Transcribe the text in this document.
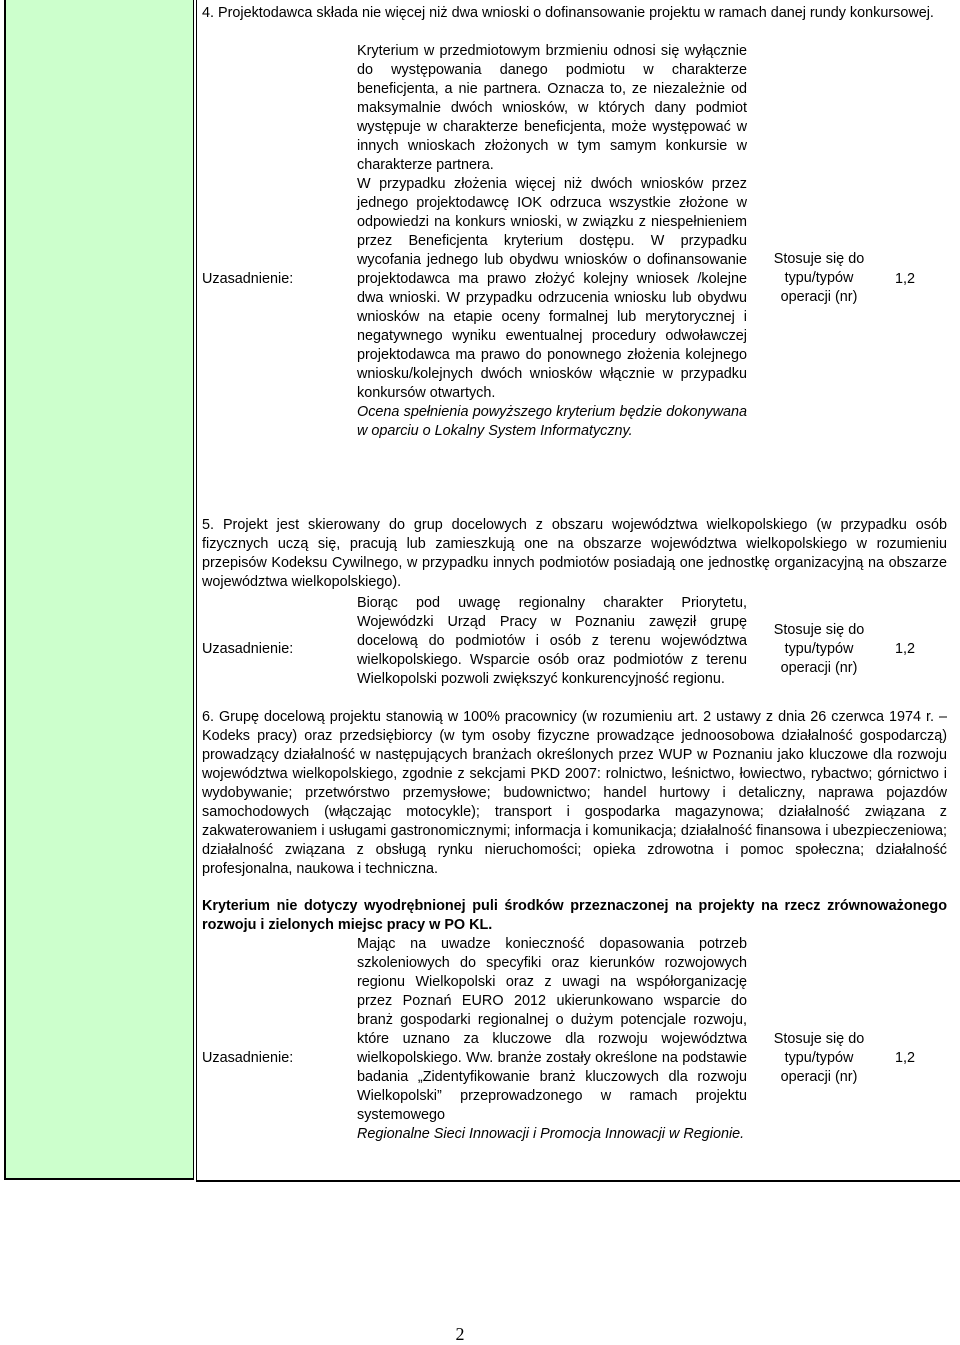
4. Projektodawca składa nie więcej niż dwa wnioski o dofinansowanie projektu w ramach danej rundy konkursowej.

Kryterium w przedmiotowym brzmieniu odnosi się wyłącznie do występowania danego podmiotu w charakterze beneficjenta, a nie partnera. Oznacza to, ze niezależnie od maksymalnie dwóch wniosków, w których dany podmiot występuje w charakterze beneficjenta, może występować w innych wnioskach złożonych w tym samym konkursie w charakterze partnera.

W przypadku złożenia więcej niż dwóch wniosków przez jednego projektodawcę IOK odrzuca wszystkie złożone w odpowiedzi na konkurs wnioski, w związku z niespełnieniem przez Beneficjenta kryterium dostępu. W przypadku wycofania jednego lub obydwu wniosków o dofinansowanie projektodawca ma prawo złożyć kolejny wniosek /kolejne dwa wnioski. W przypadku odrzucenia wniosku lub obydwu wniosków na etapie oceny formalnej lub merytorycznej i negatywnego wyniku ewentualnej procedury odwoławczej projektodawca ma prawo do ponownego złożenia kolejnego wniosku/kolejnych dwóch wniosków włącznie w przypadku konkursów otwartych.

Ocena spełnienia powyższego kryterium będzie dokonywana w oparciu o Lokalny System Informatyczny.

Uzasadnienie:
Stosuje się do typu/typów operacji (nr)
1,2
5. Projekt jest skierowany do grup docelowych z obszaru województwa wielkopolskiego (w przypadku osób fizycznych uczą się, pracują lub zamieszkują one na obszarze województwa wielkopolskiego w rozumieniu przepisów Kodeksu Cywilnego, w przypadku innych podmiotów posiadają one jednostkę organizacyjną na obszarze województwa wielkopolskiego).

Biorąc pod uwagę regionalny charakter Priorytetu, Wojewódzki Urząd Pracy w Poznaniu zawęził grupę docelową do podmiotów i osób z terenu województwa wielkopolskiego. Wsparcie osób oraz podmiotów z terenu Wielkopolski pozwoli zwiększyć konkurencyjność regionu.

Uzasadnienie:
Stosuje się do typu/typów operacji (nr)
1,2
6. Grupę docelową projektu stanowią w 100% pracownicy (w rozumieniu art. 2 ustawy z dnia 26 czerwca 1974 r. – Kodeks pracy) oraz przedsiębiorcy (w tym osoby fizyczne prowadzące jednoosobowa działalność gospodarczą) prowadzący działalność w następujących branżach określonych przez WUP w Poznaniu jako kluczowe dla rozwoju województwa wielkopolskiego, zgodnie z sekcjami PKD 2007: rolnictwo, leśnictwo, łowiectwo, rybactwo; górnictwo i wydobywanie; przetwórstwo przemysłowe; budownictwo; handel hurtowy i detaliczny, naprawa pojazdów samochodowych (włączając motocykle); transport i gospodarka magazynowa; działalność związana z zakwaterowaniem i usługami gastronomicznymi; informacja i komunikacja; działalność finansowa i ubezpieczeniowa; działalność związana z obsługą rynku nieruchomości; opieka zdrowotna i pomoc społeczna; działalność profesjonalna, naukowa i techniczna.
Kryterium nie dotyczy wyodrębnionej puli środków przeznaczonej na projekty na rzecz zrównoważonego rozwoju i zielonych miejsc pracy w PO KL.

Mając na uwadze konieczność dopasowania potrzeb szkoleniowych do specyfiki oraz kierunków rozwojowych regionu Wielkopolski oraz z uwagi na współorganizację przez Poznań EURO 2012 ukierunkowano wsparcie do branż gospodarki regionalnej o dużym potencjale rozwoju, które uznano za kluczowe dla rozwoju województwa wielkopolskiego. Ww. branże zostały określone na podstawie badania „Zidentyfikowanie branż kluczowych dla rozwoju Wielkopolski” przeprowadzonego w ramach projektu systemowego

Regionalne Sieci Innowacji i Promocja Innowacji w Regionie.

Uzasadnienie:
Stosuje się do typu/typów operacji (nr)
1,2
2
